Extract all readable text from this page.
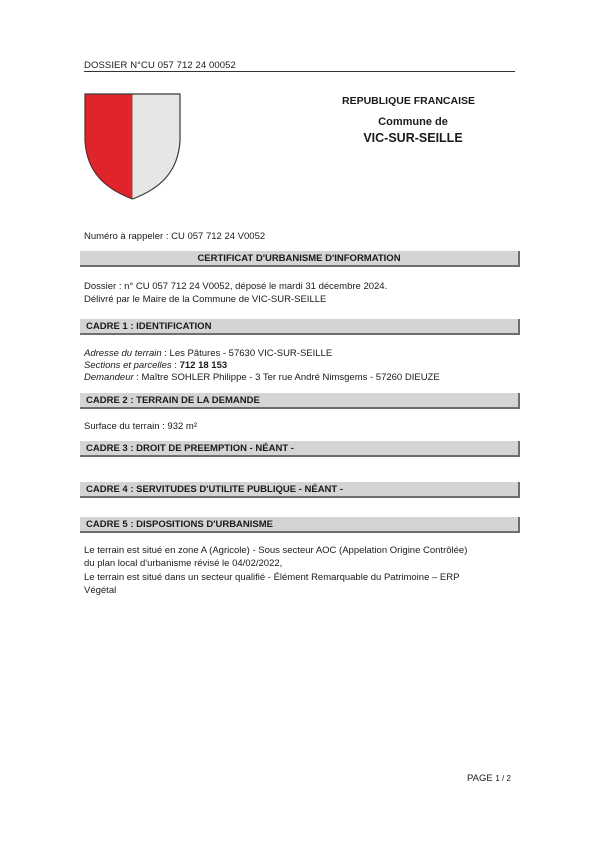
DOSSIER N°CU 057 712 24 00052
REPUBLIQUE FRANCAISE
Commune de
VIC-SUR-SEILLE
Numéro à rappeler : CU 057 712 24 V0052
CERTIFICAT D'URBANISME D'INFORMATION
Dossier : n° CU 057 712 24 V0052, déposé le mardi 31 décembre 2024.
Délivré par le Maire de la Commune de VIC-SUR-SEILLE
CADRE 1 : IDENTIFICATION
Adresse du terrain : Les Pâtures - 57630 VIC-SUR-SEILLE
Sections et parcelles : 712 18 153
Demandeur : Maître SOHLER Philippe - 3 Ter rue André Nimsgems - 57260 DIEUZE
CADRE 2 : TERRAIN DE LA DEMANDE
Surface du terrain : 932 m²
CADRE 3 : DROIT DE PREEMPTION - NÉANT -
CADRE 4 : SERVITUDES D'UTILITE PUBLIQUE - NÉANT -
CADRE 5 : DISPOSITIONS D'URBANISME
Le terrain est situé en zone A (Agricole) - Sous secteur AOC (Appelation Origine Contrôlée)
du plan local d'urbanisme révisé le 04/02/2022,
Le terrain est situé dans un secteur qualifié - Élément Remarquable du Patrimoine – ERP
Végétal
PAGE 1 / 2
